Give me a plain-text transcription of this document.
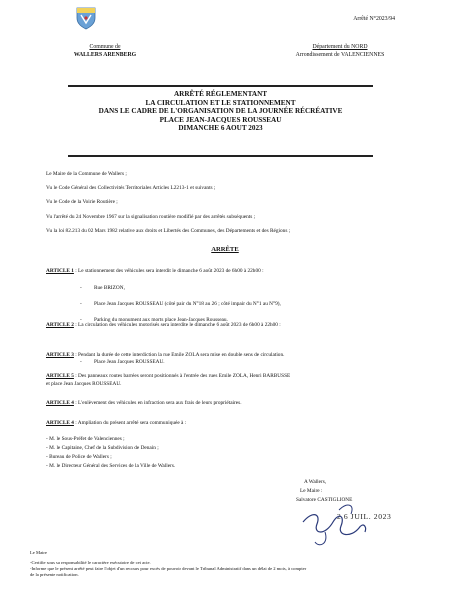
Arrêté N°2023/94
Commune de
WALLERS ARENBERG
Département du NORD
Arrondissement de VALENCIENNES
ARRÊTÉ RÉGLEMENTANT
LA CIRCULATION ET LE STATIONNEMENT
DANS LE CADRE DE L'ORGANISATION DE LA JOURNÉE RÉCRÉATIVE
PLACE JEAN-JACQUES ROUSSEAU
DIMANCHE 6 AOUT 2023
Le Maire de la Commune de Wallers ;
Vu le Code Général des Collectivités Territoriales Articles L2213-1 et suivants ;
Vu le Code de la Voirie Routière ;
Vu l'arrêté du 24 Novembre 1967 sur la signalisation routière modifié par des arrêtés subséquents ;
Vu la loi 82.213 du 02 Mars 1982 relative aux droits et Libertés des Communes, des Départements et des Régions ;
ARRÊTE
ARTICLE 1 : Le stationnement des véhicules sera interdit le dimanche 6 août 2023 de 6h00 à 22h00 :
- Rue BRIZON,
- Place Jean Jacques ROUSSEAU (côté pair du N°18 au 26 ; côté impair du N°1 au N°9),
- Parking du monument aux morts place Jean-Jacques Rousseau.
ARTICLE 2 : La circulation des véhicules motorisés sera interdite le dimanche 6 août 2023 de 6h00 à 22h00 :
- Place Jean Jacques ROUSSEAU.
ARTICLE 3 : Pendant la durée de cette interdiction la rue Emile ZOLA sera mise en double sens de circulation.
ARTICLE 5 : Des panneaux routes barrées seront positionnés à l'entrée des rues Emile ZOLA, Henri BARBUSSE
et place Jean Jacques ROUSSEAU.
ARTICLE 4 : L'enlèvement des véhicules en infraction sera aux frais de leurs propriétaires.
ARTICLE 4 : Ampliation du présent arrêté sera communiquée à :
- M. le Sous-Préfet de Valenciennes ;
- M. le Capitaine, Chef de la Subdivision de Denain ;
- Bureau de Police de Wallers ;
- M. le Directeur Général des Services de la Ville de Wallers.
A Wallers,
Le Maire :
Salvatore CASTIGLIONE
2 6 JUIL. 2023
Le Maire
-Certifie sous sa responsabilité le caractère exécutoire de cet acte.
-Informe que le présent arrêté peut faire l'objet d'un recours pour excès de pouvoir devant le Tribunal Administratif dans un délai de 2 mois, à compter
de la présente notification.
